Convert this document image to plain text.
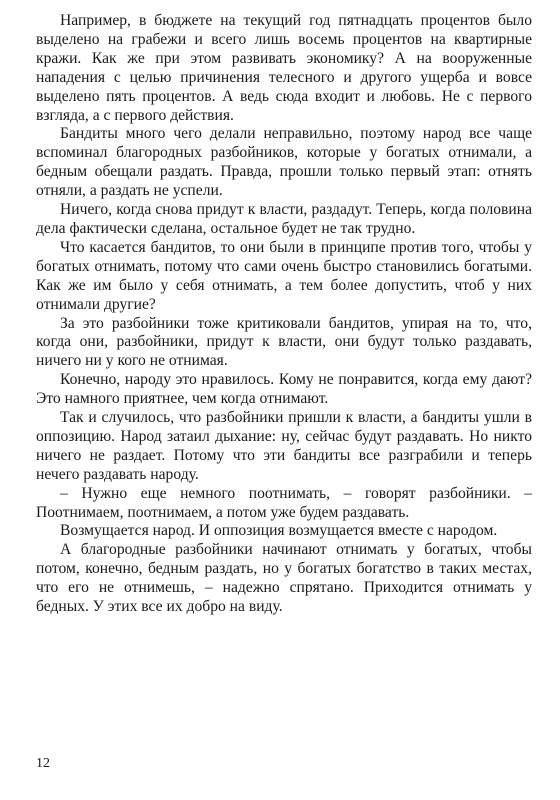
Например, в бюджете на текущий год пятнадцать процентов было выделено на грабежи и всего лишь восемь процентов на квартирные кражи. Как же при этом развивать экономику? А на вооруженные нападения с целью причинения телесного и другого ущерба и вовсе выделено пять процентов. А ведь сюда входит и любовь. Не с первого взгляда, а с первого действия.

Бандиты много чего делали неправильно, поэтому народ все чаще вспоминал благородных разбойников, которые у богатых отнимали, а бедным обещали раздать. Правда, прошли только первый этап: отнять отняли, а раздать не успели.

Ничего, когда снова придут к власти, раздадут. Теперь, когда половина дела фактически сделана, остальное будет не так трудно.

Что касается бандитов, то они были в принципе против того, чтобы у богатых отнимать, потому что сами очень быстро становились богатыми. Как же им было у себя отнимать, а тем более допустить, чтоб у них отнимали другие?

За это разбойники тоже критиковали бандитов, упирая на то, что, когда они, разбойники, придут к власти, они будут только раздавать, ничего ни у кого не отнимая.

Конечно, народу это нравилось. Кому не понравится, когда ему дают? Это намного приятнее, чем когда отнимают.

Так и случилось, что разбойники пришли к власти, а бандиты ушли в оппозицию. Народ затаил дыхание: ну, сейчас будут раздавать. Но никто ничего не раздает. Потому что эти бандиты все разграбили и теперь нечего раздавать народу.

– Нужно еще немного поотнимать, – говорят разбойники. – Поотнимаем, поотнимаем, а потом уже будем раздавать.

Возмущается народ. И оппозиция возмущается вместе с народом.

А благородные разбойники начинают отнимать у богатых, чтобы потом, конечно, бедным раздать, но у богатых богатство в таких местах, что его не отнимешь, – надежно спрятано. Приходится отнимать у бедных. У этих все их добро на виду.

12
